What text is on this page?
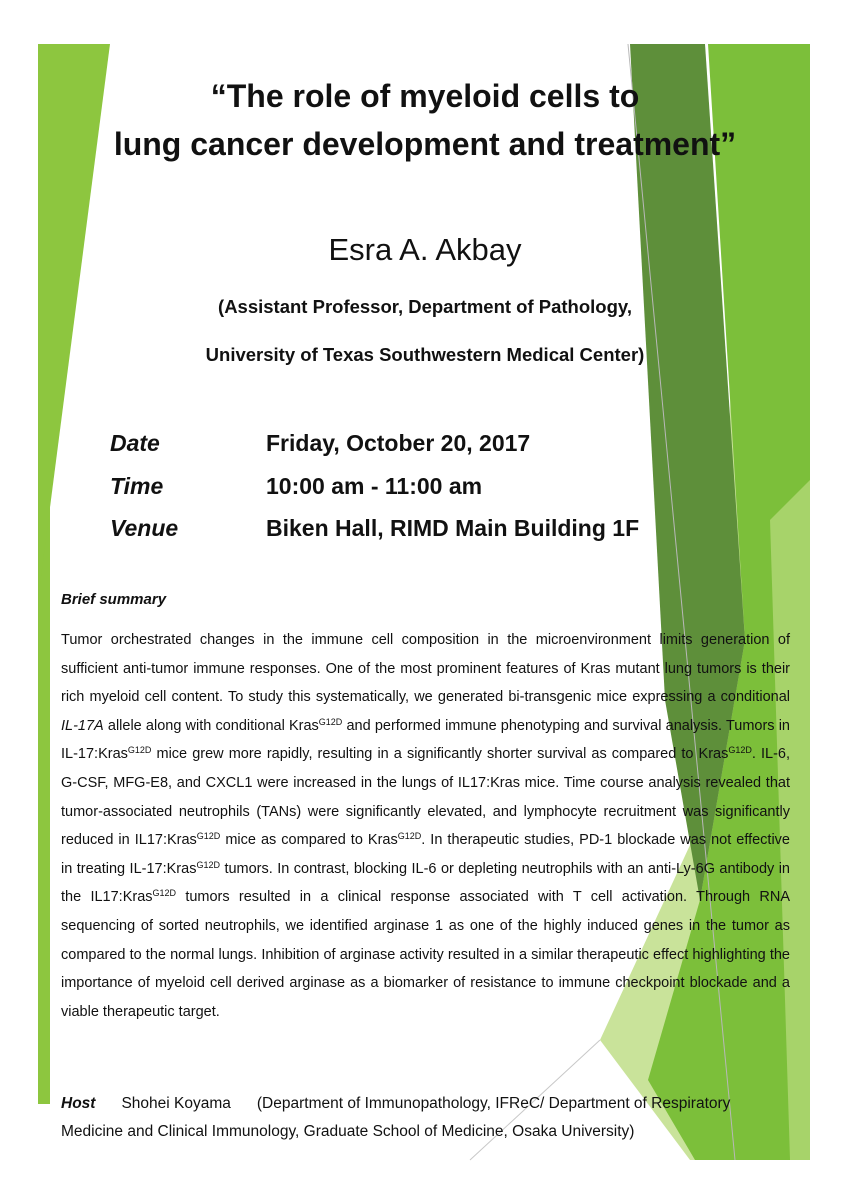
“The role of myeloid cells to
lung cancer development and treatment”
Esra A. Akbay
(Assistant Professor, Department of Pathology,
University of Texas Southwestern Medical Center)
Date	Friday, October 20, 2017
Time	10:00 am - 11:00 am
Venue	Biken Hall, RIMD Main Building 1F
Brief summary

Tumor orchestrated changes in the immune cell composition in the microenvironment limits generation of sufficient anti-tumor immune responses. One of the most prominent features of Kras mutant lung tumors is their rich myeloid cell content. To study this systematically, we generated bi-transgenic mice expressing a conditional IL-17A allele along with conditional Kras$^{G12D}$ and performed immune phenotyping and survival analysis. Tumors in IL-17:Kras$^{G12D}$ mice grew more rapidly, resulting in a significantly shorter survival as compared to Kras$^{G12D}$. IL-6, G-CSF, MFG-E8, and CXCL1 were increased in the lungs of IL17:Kras mice. Time course analysis revealed that tumor-associated neutrophils (TANs) were significantly elevated, and lymphocyte recruitment was significantly reduced in IL17:Kras$^{G12D}$ mice as compared to Kras$^{G12D}$. In therapeutic studies, PD-1 blockade was not effective in treating IL-17:Kras$^{G12D}$ tumors. In contrast, blocking IL-6 or depleting neutrophils with an anti-Ly-6G antibody in the IL17:Kras$^{G12D}$ tumors resulted in a clinical response associated with T cell activation. Through RNA sequencing of sorted neutrophils, we identified arginase 1 as one of the highly induced genes in the tumor as compared to the normal lungs. Inhibition of arginase activity resulted in a similar therapeutic effect highlighting the importance of myeloid cell derived arginase as a biomarker of resistance to immune checkpoint blockade and a viable therapeutic target.

Host Shohei Koyama (Department of Immunopathology, IFReC/ Department of Respiratory Medicine and Clinical Immunology, Graduate School of Medicine, Osaka University)
